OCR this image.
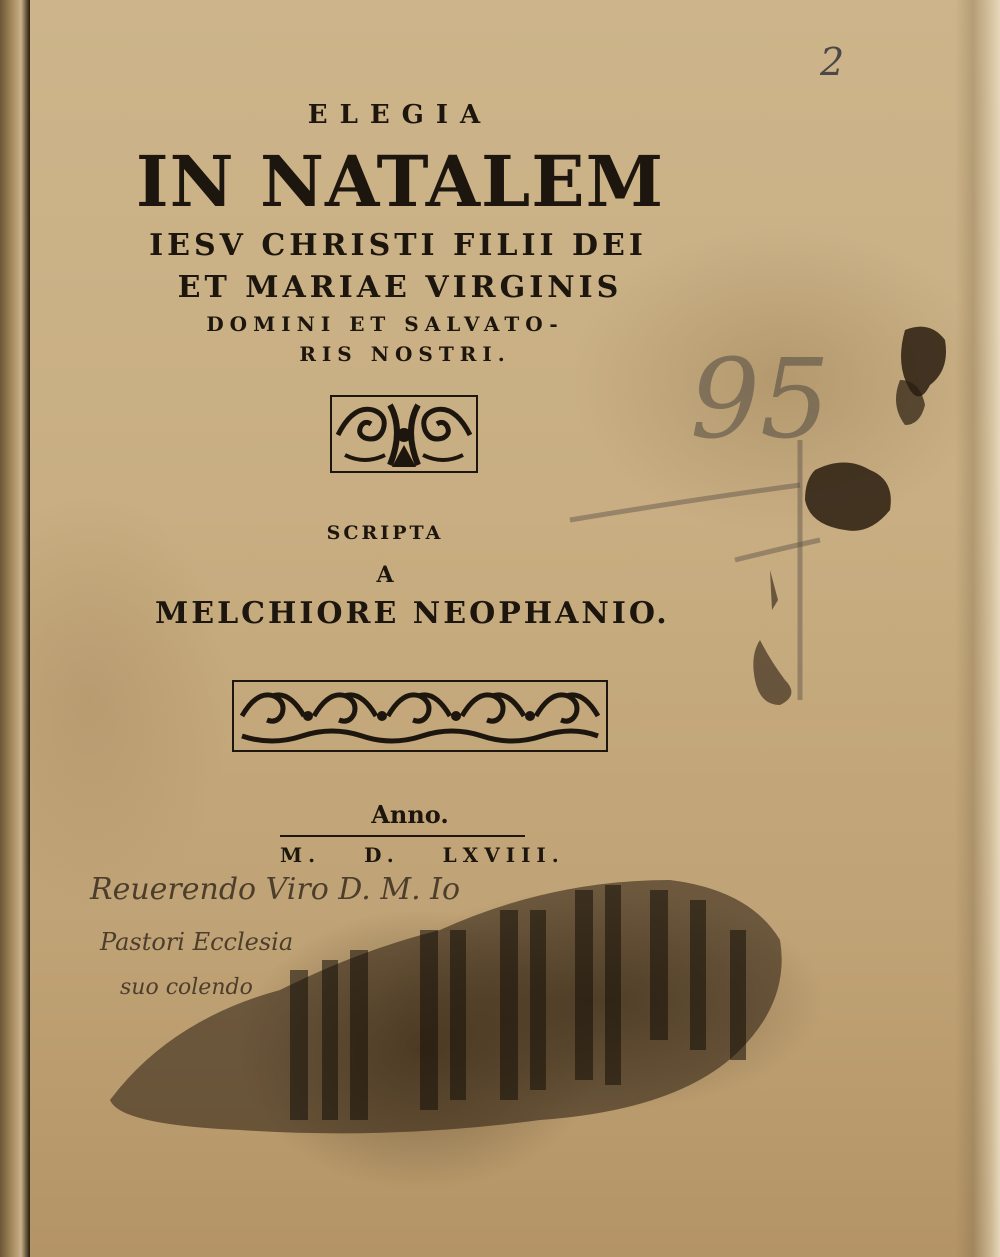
ELEGIA

IN NATALEM

IESV CHRISTI FILII DEI

ET MARIAE VIRGINIS

DOMINI ET SALVATO-

RIS NOSTRI.

SCRIPTA

A

MELCHIORE NEOPHANIO.

Anno.

M. D. LXVIII.

Reuerendo Viro D. M. Io

Pastori Ecclesia

suo colendo

2

95
